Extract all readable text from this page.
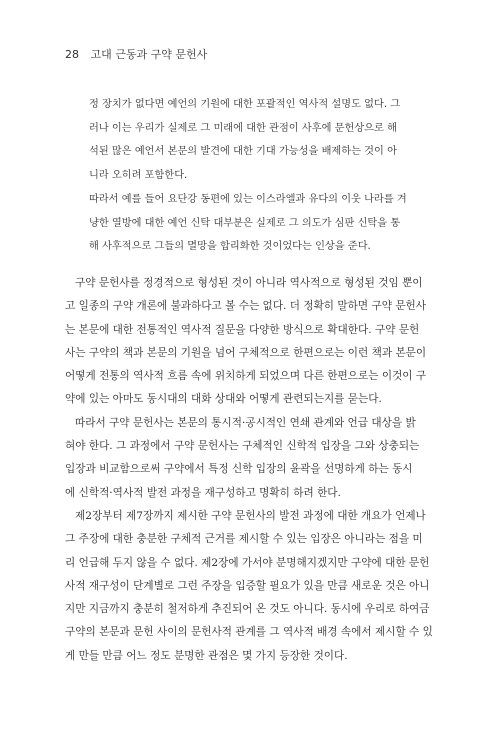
28 고대 근동과 구약 문헌사
정 장치가 없다면 예언의 기원에 대한 포괄적인 역사적 설명도 없다. 그
러나 이는 우리가 실제로 그 미래에 대한 관점이 사후에 문헌상으로 해
석된 많은 예언서 본문의 발견에 대한 기대 가능성을 배제하는 것이 아
니라 오히려 포함한다.
따라서 예를 들어 요단강 동편에 있는 이스라엘과 유다의 이웃 나라를 겨
냥한 열방에 대한 예언 신탁 대부분은 실제로 그 의도가 심판 신탁을 통
해 사후적으로 그들의 멸망을 합리화한 것이었다는 인상을 준다.
구약 문헌사를 정경적으로 형성된 것이 아니라 역사적으로 형성된 것임 뿐이
고 일종의 구약 개론에 불과하다고 볼 수는 없다. 더 정확히 말하면 구약 문헌사
는 본문에 대한 전통적인 역사적 질문을 다양한 방식으로 확대한다. 구약 문헌
사는 구약의 책과 본문의 기원을 넘어 구체적으로 한편으로는 이런 책과 본문이
어떻게 전통의 역사적 흐름 속에 위치하게 되었으며 다른 한편으로는 이것이 구
약에 있는 아마도 동시대의 대화 상대와 어떻게 관련되는지를 묻는다.
따라서 구약 문헌사는 본문의 통시적·공시적인 연쇄 관계와 언급 대상을 밝
혀야 한다. 그 과정에서 구약 문헌사는 구체적인 신학적 입장을 그와 상충되는
입장과 비교함으로써 구약에서 특정 신학 입장의 윤곽을 선명하게 하는 동시
에 신학적·역사적 발전 과정을 재구성하고 명확히 하려 한다.
제2장부터 제7장까지 제시한 구약 문헌사의 발전 과정에 대한 개요가 언제나
그 주장에 대한 충분한 구체적 근거를 제시할 수 있는 입장은 아니라는 점을 미
리 언급해 두지 않을 수 없다. 제2장에 가서야 분명해지겠지만 구약에 대한 문헌
사적 재구성이 단계별로 그런 주장을 입증할 필요가 있을 만큼 새로운 것은 아니
지만 지금까지 충분히 철저하게 추진되어 온 것도 아니다. 동시에 우리로 하여금
구약의 본문과 문헌 사이의 문헌사적 관계를 그 역사적 배경 속에서 제시할 수 있
게 만들 만큼 어느 정도 분명한 관점은 몇 가지 등장한 것이다.
